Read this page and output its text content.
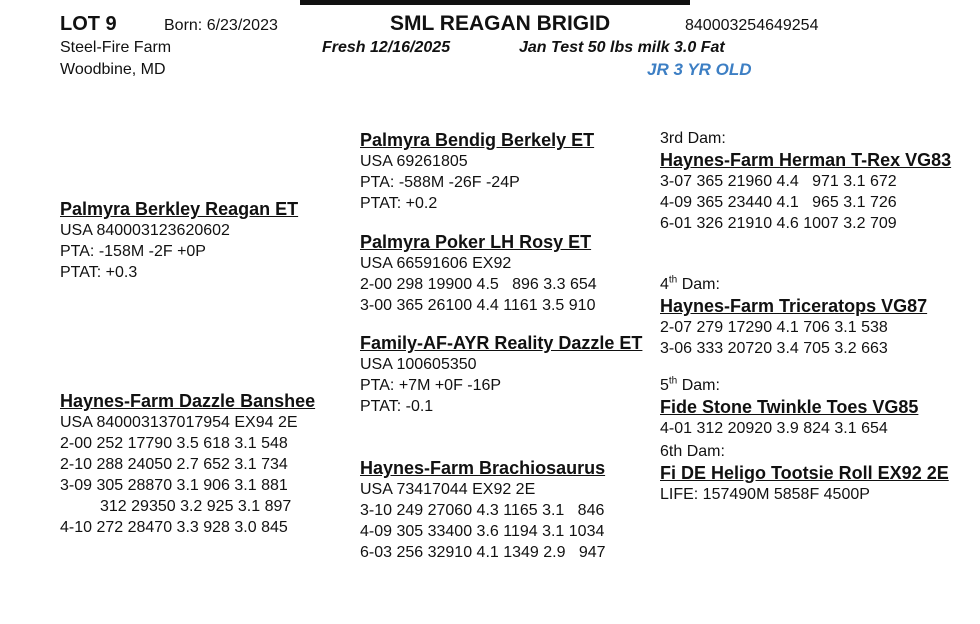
LOT 9	Born: 6/23/2023	SML REAGAN BRIGID	840003254649254
Steel-Fire Farm
Woodbine, MD
Fresh 12/16/2025	Jan Test 50 lbs milk 3.0 Fat
JR 3 YR OLD
Palmyra Berkley Reagan ET
USA 840003123620602
PTA: -158M -2F +0P
PTAT: +0.3
Haynes-Farm Dazzle Banshee
USA 840003137017954 EX94 2E
2-00 252 17790 3.5 618 3.1 548
2-10 288 24050 2.7 652 3.1 734
3-09 305 28870 3.1 906 3.1 881
312 29350 3.2 925 3.1 897
4-10 272 28470 3.3 928 3.0 845
Palmyra Bendig Berkely ET
USA 69261805
PTA: -588M -26F -24P
PTAT: +0.2
Palmyra Poker LH Rosy ET
USA 66591606 EX92
2-00 298 19900 4.5   896 3.3 654
3-00 365 26100 4.4 1161 3.5 910
Family-AF-AYR Reality Dazzle ET
USA 100605350
PTA: +7M +0F -16P
PTAT: -0.1
Haynes-Farm Brachiosaurus
USA 73417044 EX92 2E
3-10 249 27060 4.3 1165 3.1   846
4-09 305 33400 3.6 1194 3.1 1034
6-03 256 32910 4.1 1349 2.9   947
3rd Dam:
Haynes-Farm Herman T-Rex VG83
3-07 365 21960 4.4   971 3.1 672
4-09 365 23440 4.1   965 3.1 726
6-01 326 21910 4.6 1007 3.2 709
4th Dam:
Haynes-Farm Triceratops VG87
2-07 279 17290 4.1 706 3.1 538
3-06 333 20720 3.4 705 3.2 663
5th Dam:
Fide Stone Twinkle Toes VG85
4-01 312 20920 3.9 824 3.1 654
6th Dam:
Fi DE Heligo Tootsie Roll EX92 2E
LIFE: 157490M 5858F 4500P
